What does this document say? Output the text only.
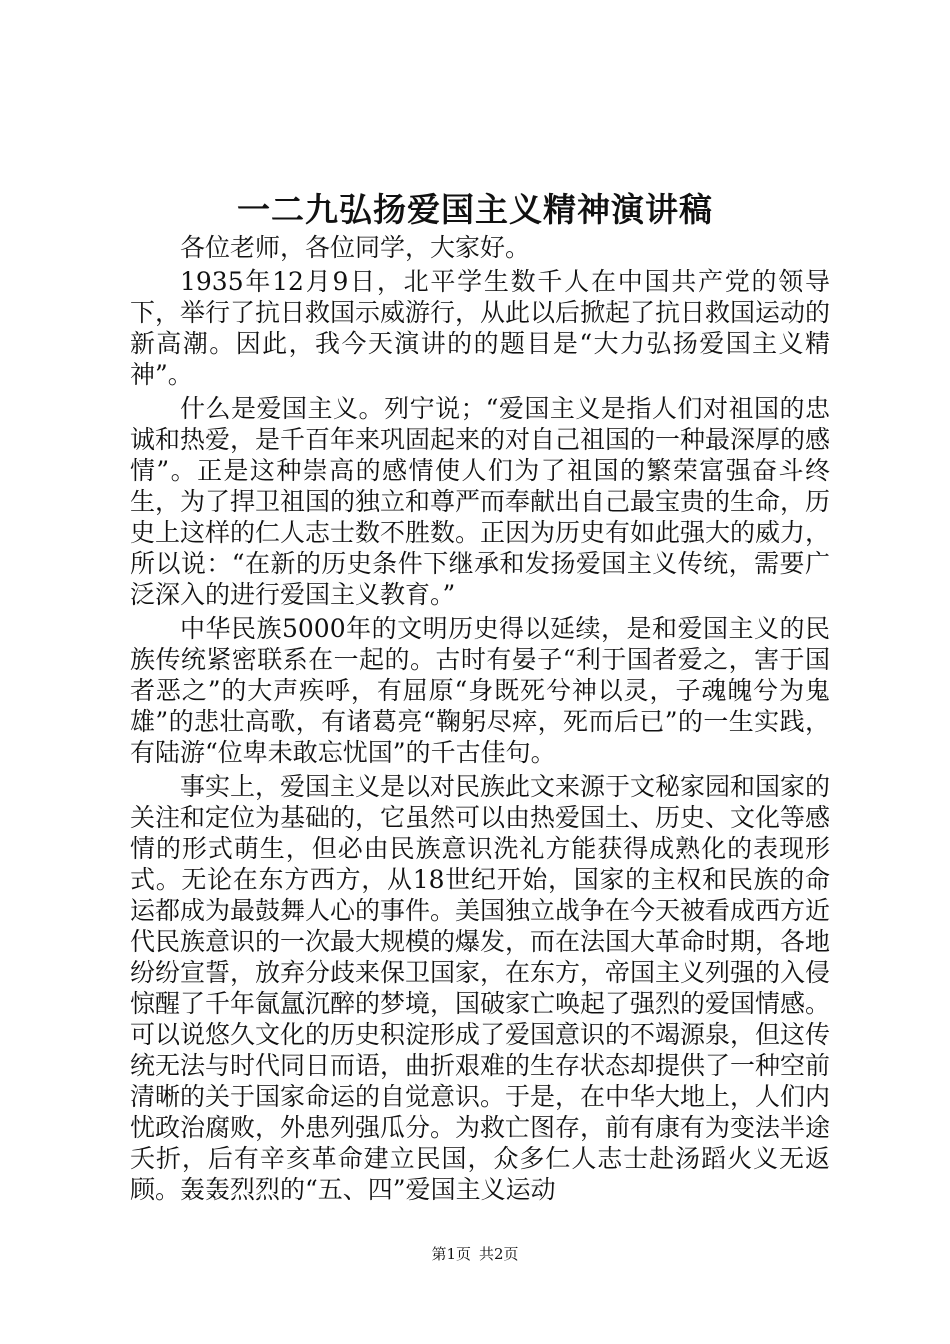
一二九弘扬爱国主义精神演讲稿

各位老师，各位同学，大家好。

1935年12月9日，北平学生数千人在中国共产党的领导下，举行了抗日救国示威游行，从此以后掀起了抗日救国运动的新高潮。因此，我今天演讲的的题目是“大力弘扬爱国主义精神”。

什么是爱国主义。列宁说；“爱国主义是指人们对祖国的忠诚和热爱，是千百年来巩固起来的对自己祖国的一种最深厚的感情”。正是这种崇高的感情使人们为了祖国的繁荣富强奋斗终生，为了捍卫祖国的独立和尊严而奉献出自己最宝贵的生命，历史上这样的仁人志士数不胜数。正因为历史有如此强大的威力，所以说：“在新的历史条件下继承和发扬爱国主义传统，需要广泛深入的进行爱国主义教育。”

中华民族5000年的文明历史得以延续，是和爱国主义的民族传统紧密联系在一起的。古时有晏子“利于国者爱之，害于国者恶之”的大声疾呼，有屈原“身既死兮神以灵，子魂魄兮为鬼雄”的悲壮高歌，有诸葛亮“鞠躬尽瘁，死而后已”的一生实践，有陆游“位卑未敢忘忧国”的千古佳句。

事实上，爱国主义是以对民族此文来源于文秘家园和国家的关注和定位为基础的，它虽然可以由热爱国土、历史、文化等感情的形式萌生，但必由民族意识洗礼方能获得成熟化的表现形式。无论在东方西方，从18世纪开始，国家的主权和民族的命运都成为最鼓舞人心的事件。美国独立战争在今天被看成西方近代民族意识的一次最大规模的爆发，而在法国大革命时期，各地纷纷宣誓，放弃分歧来保卫国家，在东方，帝国主义列强的入侵惊醒了千年氤氲沉醉的梦境，国破家亡唤起了强烈的爱国情感。可以说悠久文化的历史积淀形成了爱国意识的不竭源泉，但这传统无法与时代同日而语，曲折艰难的生存状态却提供了一种空前清晰的关于国家命运的自觉意识。于是，在中华大地上，人们内忧政治腐败，外患列强瓜分。为救亡图存，前有康有为变法半途夭折，后有辛亥革命建立民国，众多仁人志士赴汤蹈火义无返顾。轰轰烈烈的“五、四”爱国主义运动

第1页 共2页
